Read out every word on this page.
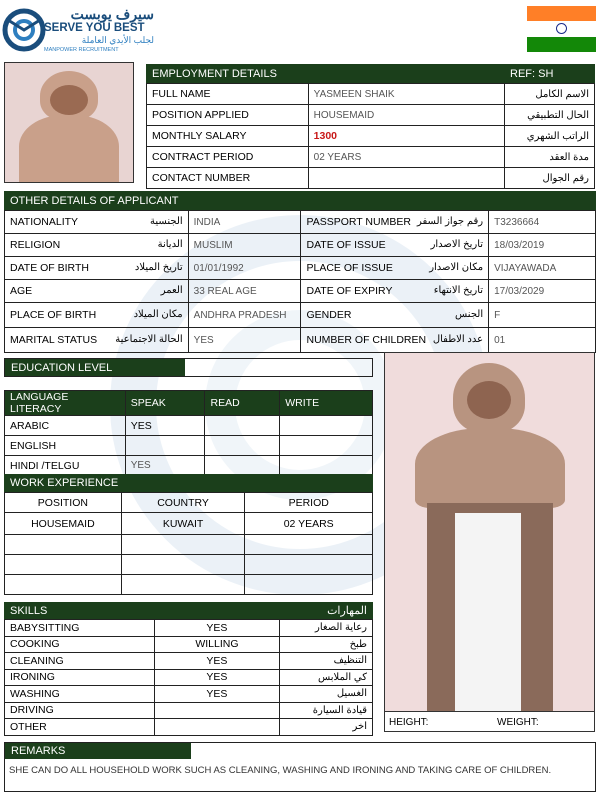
سيرف يوبست
SERVE YOU BEST
لجلب الأيدي العاملة
MANPOWER RECRUITMENT
EMPLOYMENT DETAILS	REF: SH
FULL NAME	YASMEEN SHAIK	الاسم الكامل
POSITION APPLIED	HOUSEMAID	الحال التطبيقي
MONTHLY SALARY	1300	الراتب الشهري
CONTRACT PERIOD	02 YEARS	مدة العقد
CONTACT NUMBER		رقم الجوال
OTHER DETAILS OF APPLICANT
NATIONALITY الجنسية	INDIA	PASSPORT NUMBER رقم جواز السفر	T3236664
RELIGION الديانة	MUSLIM	DATE OF ISSUE تاريخ الاصدار	18/03/2019
DATE OF BIRTH تاريخ الميلاد	01/01/1992	PLACE OF ISSUE مكان الاصدار	VIJAYAWADA
AGE العمر	33 REAL AGE	DATE OF EXPIRY تاريخ الانتهاء	17/03/2029
PLACE OF BIRTH مكان الميلاد	ANDHRA PRADESH	GENDER الجنس	F
MARITAL STATUS الحالة الاجتماعية	YES	NUMBER OF CHILDREN عدد الاطفال	01
EDUCATION LEVEL
LANGUAGE LITERACY	SPEAK	READ	WRITE
ARABIC	YES		
ENGLISH			
HINDI /TELGU	YES		
WORK EXPERIENCE
POSITION	COUNTRY	PERIOD
HOUSEMAID	KUWAIT	02 YEARS

SKILLS	المهارات
BABYSITTING	YES	رعاية الصغار
COOKING	WILLING	طبخ
CLEANING	YES	التنظيف
IRONING	YES	كي الملابس
WASHING	YES	الغسيل
DRIVING		قيادة السيارة
OTHER		اخر HEIGHT:	WEIGHT:
REMARKS
SHE CAN DO ALL HOUSEHOLD WORK SUCH AS CLEANING, WASHING AND IRONING AND TAKING CARE OF CHILDREN.
